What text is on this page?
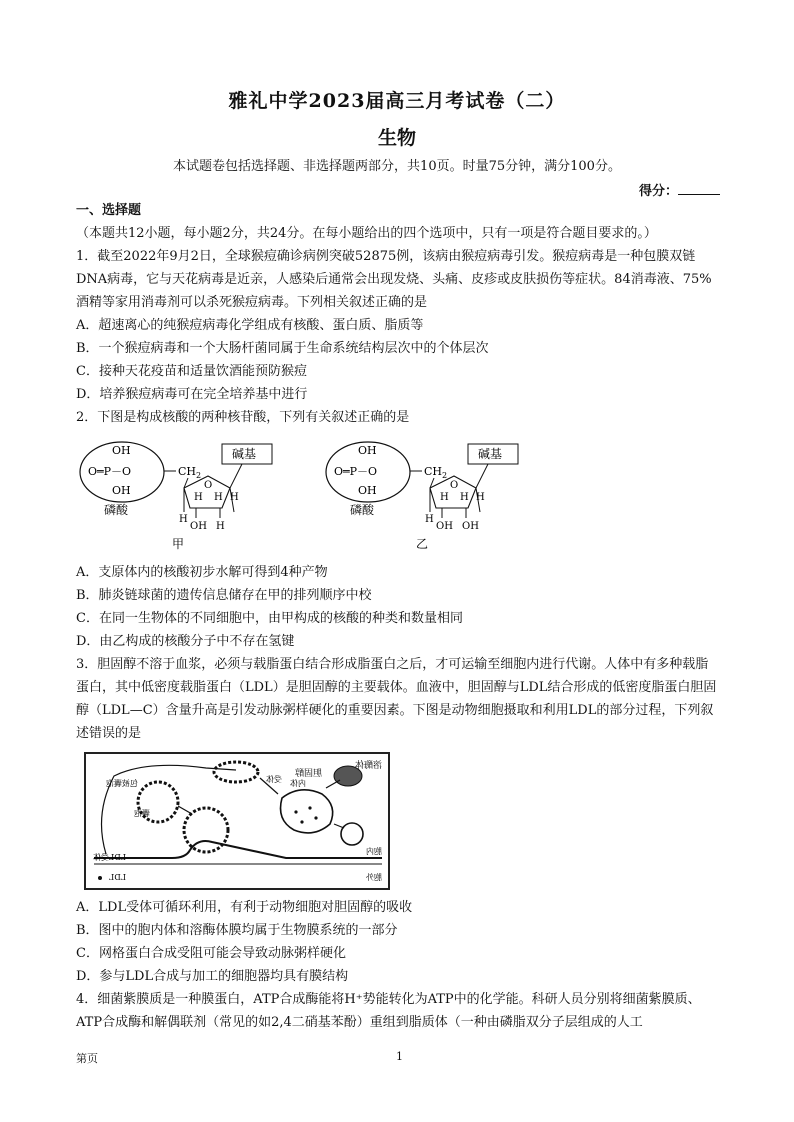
雅礼中学2023届高三月考试卷（二）
生物
本试题卷包括选择题、非选择题两部分，共10页。时量75分钟，满分100分。
得分：

一、选择题（本题共12小题，每小题2分，共24分。在每小题给出的四个选项中，只有一项是符合题目要求的。）

1．截至2022年9月2日，全球猴痘确诊病例突破52875例，该病由猴痘病毒引发。猴痘病毒是一种包膜双链DNA病毒，它与天花病毒是近亲，人感染后通常会出现发烧、头痛、皮疹或皮肤损伤等症状。84消毒液、75%酒精等家用消毒剂可以杀死猴痘病毒。下列相关叙述正确的是

A．超速离心的纯猴痘病毒化学组成有核酸、蛋白质、脂质等

B．一个猴痘病毒和一个大肠杆菌同属于生命系统结构层次中的个体层次

C．接种天花疫苗和适量饮酒能预防猴痘

D．培养猴痘病毒可在完全培养基中进行

2．下图是构成核酸的两种核苷酸，下列有关叙述正确的是

OH
O═P－O
OH
$CH_2$
O
碱基
H
H H H
OH H
磷酸
甲
OH
O═P－O
OH
$CH_2$
O
碱基
H
H H H
OH OH
磷酸
乙

A．支原体内的核酸初步水解可得到4种产物

B．肺炎链球菌的遗传信息储存在甲的排列顺序中校

C．在同一生物体的不同细胞中，由甲构成的核酸的种类和数量相同

D．由乙构成的核酸分子中不存在氢键

3．胆固醇不溶于血浆，必须与载脂蛋白结合形成脂蛋白之后，才可运输至细胞内进行代谢。人体中有多种载脂蛋白，其中低密度载脂蛋白（LDL）是胆固醇的主要载体。血液中，胆固醇与LDL结合形成的低密度脂蛋白胆固醇（LDL—C）含量升高是引发动脉粥样硬化的重要因素。下图是动物细胞摄取和利用LDL的部分过程，下列叙述错误的是

胆固醇
溶酶体
受体
囊泡
内体
LDL受体
包被囊泡
LDL	胞外
胞内

A．LDL受体可循环利用，有利于动物细胞对胆固醇的吸收

B．图中的胞内体和溶酶体膜均属于生物膜系统的一部分

C．网格蛋白合成受阻可能会导致动脉粥样硬化

D．参与LDL合成与加工的细胞器均具有膜结构

4．细菌紫膜质是一种膜蛋白，ATP合成酶能将H⁺势能转化为ATP中的化学能。科研人员分别将细菌紫膜质、ATP合成酶和解偶联剂（常见的如2,4二硝基苯酚）重组到脂质体（一种由磷脂双分子层组成的人工

第页	1
